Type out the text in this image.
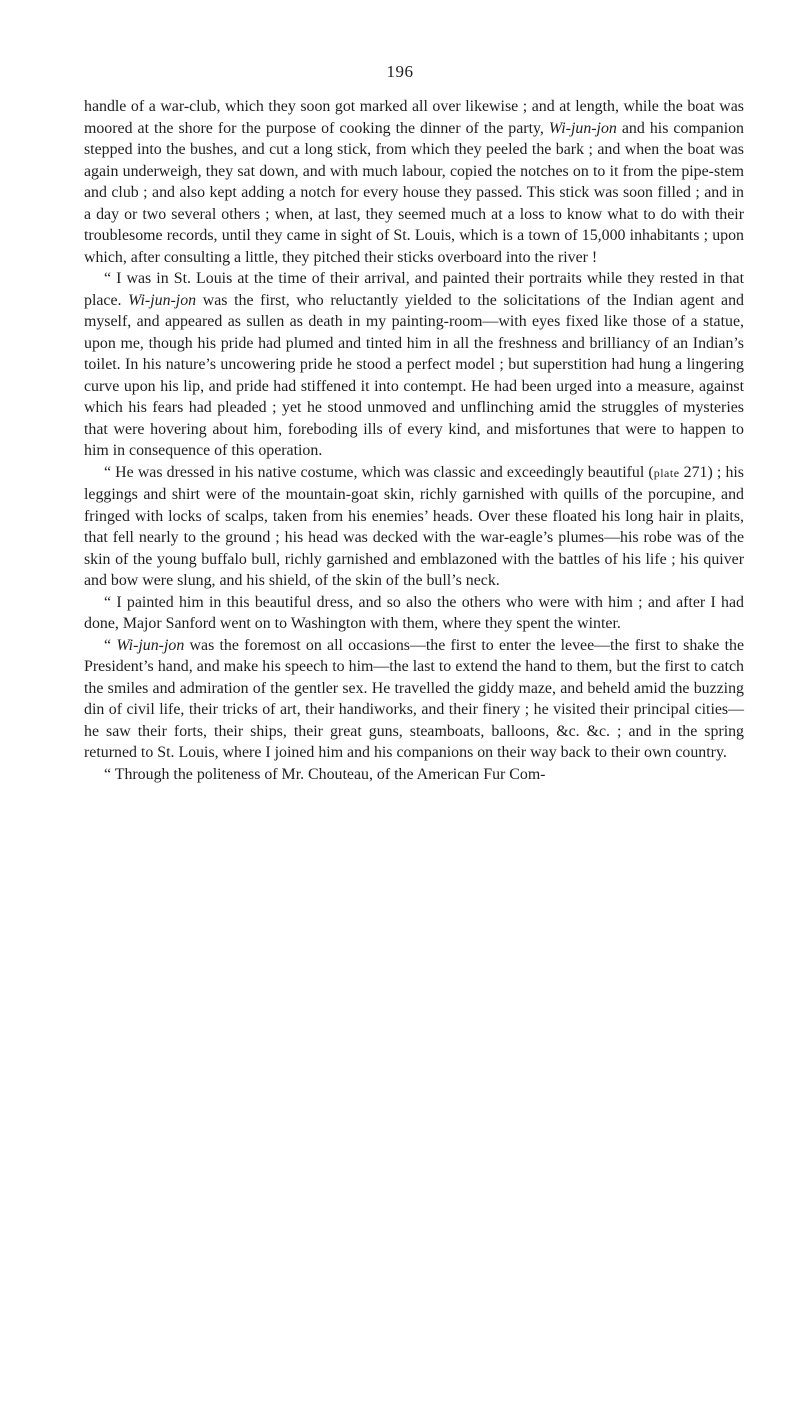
196

handle of a war-club, which they soon got marked all over likewise ; and at length, while the boat was moored at the shore for the purpose of cooking the dinner of the party, Wi-jun-jon and his companion stepped into the bushes, and cut a long stick, from which they peeled the bark ; and when the boat was again underweigh, they sat down, and with much labour, copied the notches on to it from the pipe-stem and club ; and also kept adding a notch for every house they passed. This stick was soon filled ; and in a day or two several others ; when, at last, they seemed much at a loss to know what to do with their troublesome records, until they came in sight of St. Louis, which is a town of 15,000 inhabitants ; upon which, after consulting a little, they pitched their sticks overboard into the river !

“ I was in St. Louis at the time of their arrival, and painted their portraits while they rested in that place. Wi-jun-jon was the first, who reluctantly yielded to the solicitations of the Indian agent and myself, and appeared as sullen as death in my painting-room—with eyes fixed like those of a statue, upon me, though his pride had plumed and tinted him in all the freshness and brilliancy of an Indian’s toilet. In his nature’s uncowering pride he stood a perfect model ; but superstition had hung a lingering curve upon his lip, and pride had stiffened it into contempt. He had been urged into a measure, against which his fears had pleaded ; yet he stood unmoved and unflinching amid the struggles of mysteries that were hovering about him, foreboding ills of every kind, and misfortunes that were to happen to him in consequence of this operation.

“ He was dressed in his native costume, which was classic and exceedingly beautiful (plate 271) ; his leggings and shirt were of the mountain-goat skin, richly garnished with quills of the porcupine, and fringed with locks of scalps, taken from his enemies’ heads. Over these floated his long hair in plaits, that fell nearly to the ground ; his head was decked with the war-eagle’s plumes—his robe was of the skin of the young buffalo bull, richly garnished and emblazoned with the battles of his life ; his quiver and bow were slung, and his shield, of the skin of the bull’s neck.

“ I painted him in this beautiful dress, and so also the others who were with him ; and after I had done, Major Sanford went on to Washington with them, where they spent the winter.

“ Wi-jun-jon was the foremost on all occasions—the first to enter the levee—the first to shake the President’s hand, and make his speech to him—the last to extend the hand to them, but the first to catch the smiles and admiration of the gentler sex. He travelled the giddy maze, and beheld amid the buzzing din of civil life, their tricks of art, their handiworks, and their finery ; he visited their principal cities—he saw their forts, their ships, their great guns, steamboats, balloons, &c. &c. ; and in the spring returned to St. Louis, where I joined him and his companions on their way back to their own country.

“ Through the politeness of Mr. Chouteau, of the American Fur Com-
